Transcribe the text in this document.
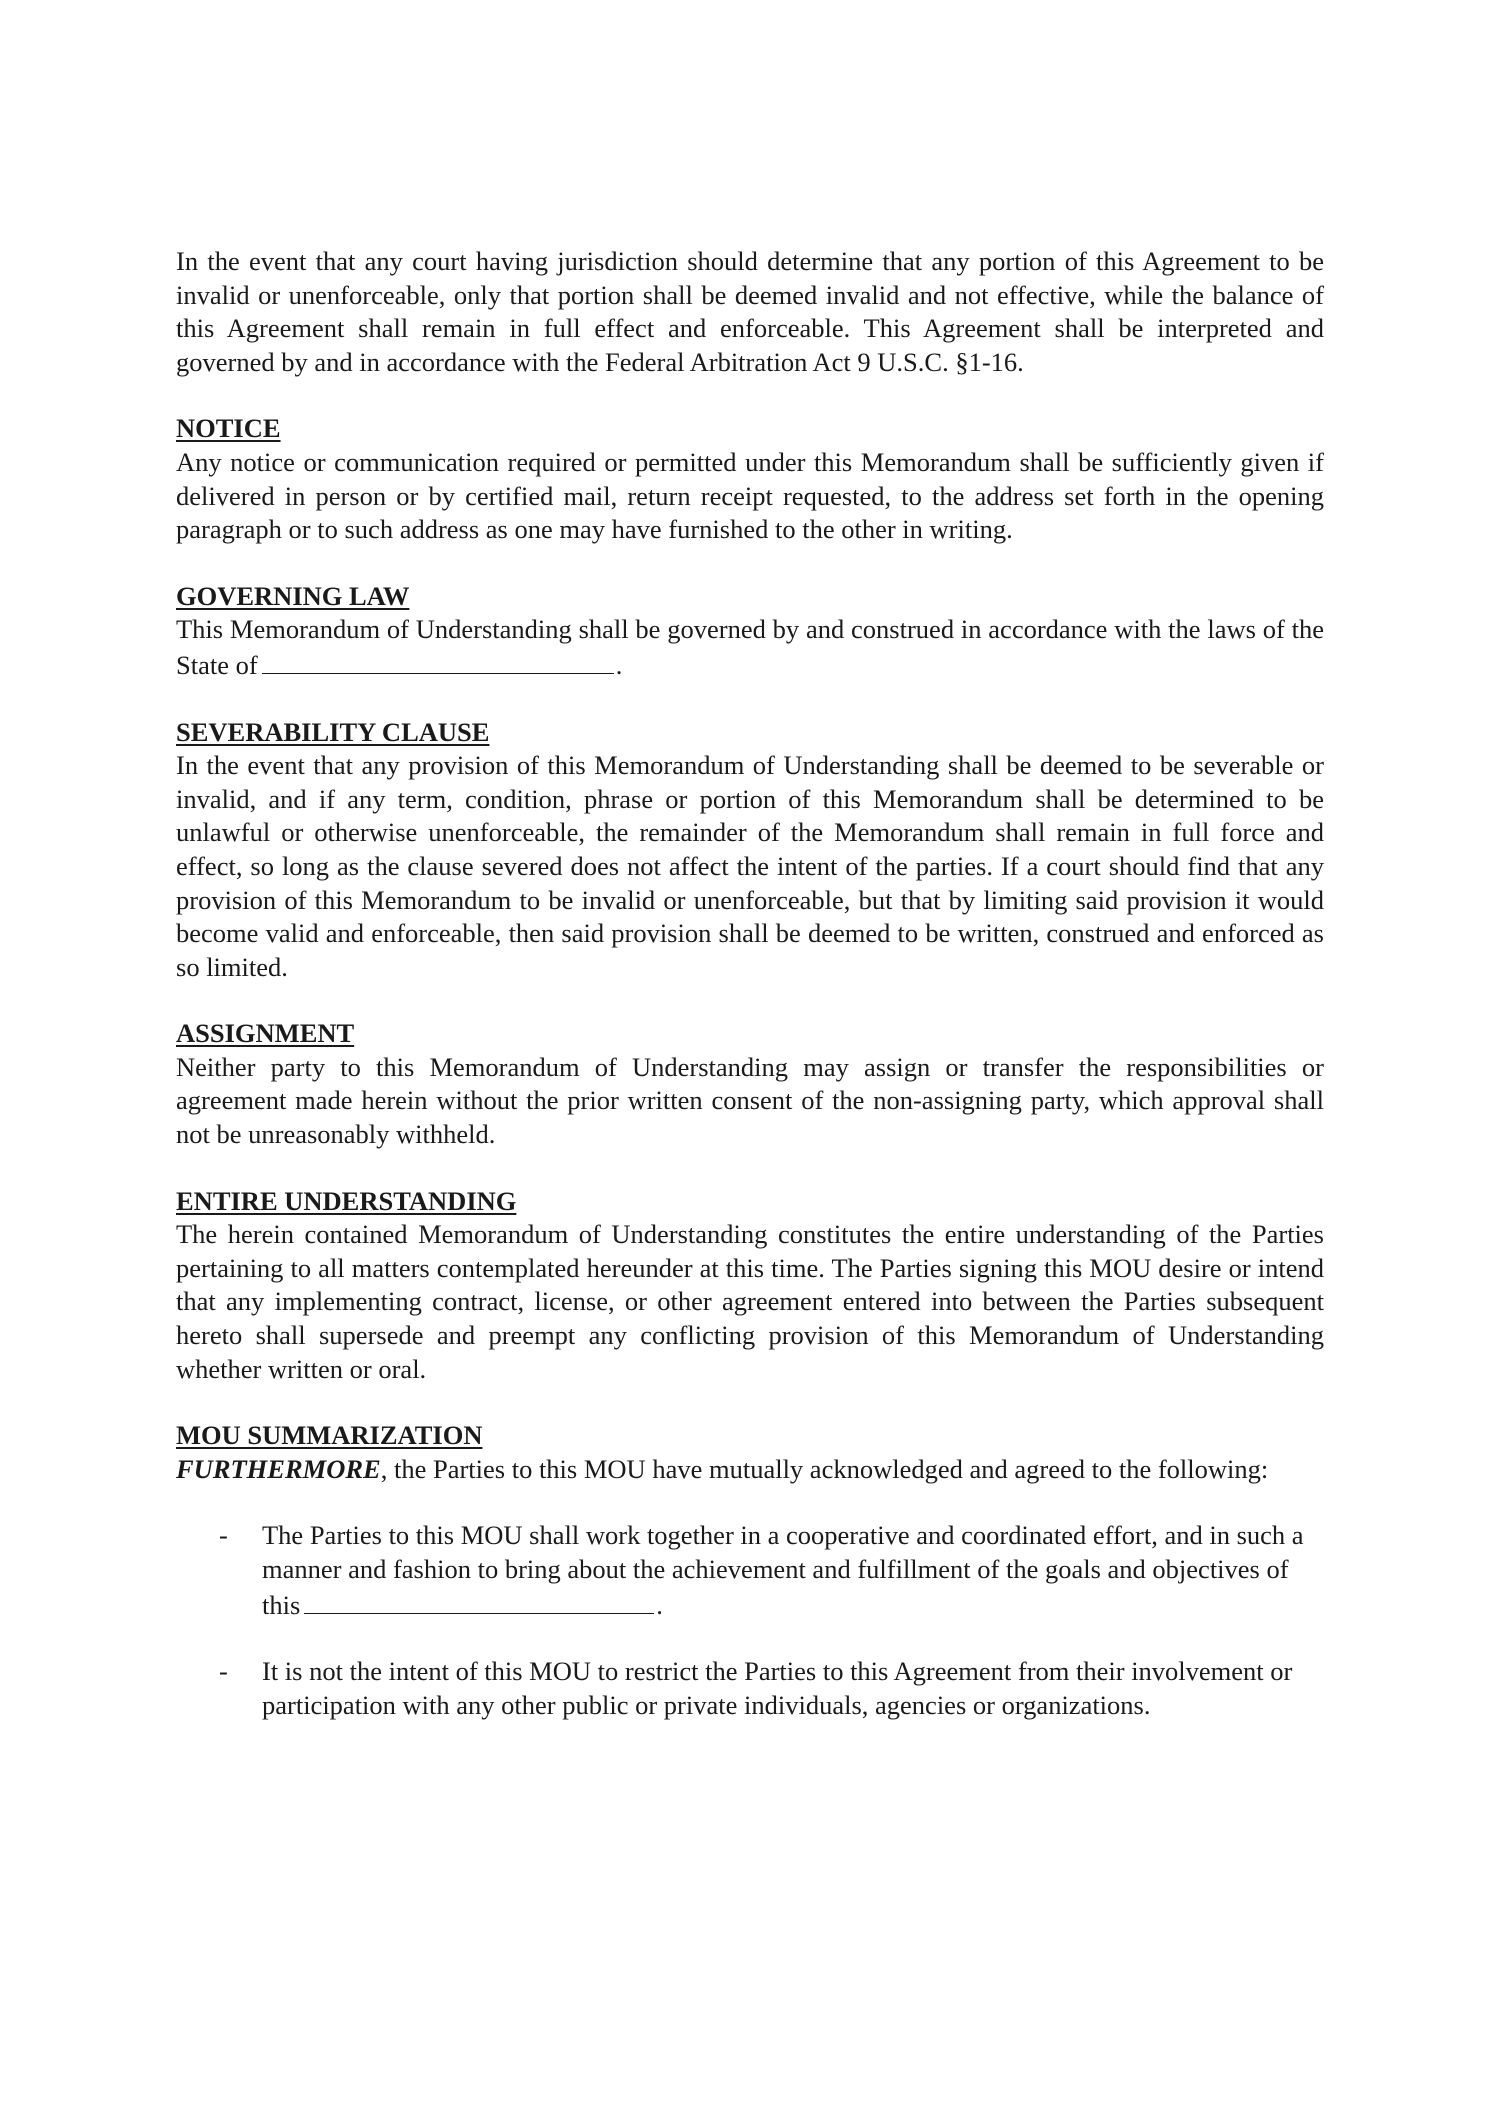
In the event that any court having jurisdiction should determine that any portion of this Agreement to be invalid or unenforceable, only that portion shall be deemed invalid and not effective, while the balance of this Agreement shall remain in full effect and enforceable. This Agreement shall be interpreted and governed by and in accordance with the Federal Arbitration Act 9 U.S.C. §1-16.

NOTICE

Any notice or communication required or permitted under this Memorandum shall be sufficiently given if delivered in person or by certified mail, return receipt requested, to the address set forth in the opening paragraph or to such address as one may have furnished to the other in writing.

GOVERNING LAW

This Memorandum of Understanding shall be governed by and construed in accordance with the laws of the State of	.

SEVERABILITY CLAUSE

In the event that any provision of this Memorandum of Understanding shall be deemed to be severable or invalid, and if any term, condition, phrase or portion of this Memorandum shall be determined to be unlawful or otherwise unenforceable, the remainder of the Memorandum shall remain in full force and effect, so long as the clause severed does not affect the intent of the parties. If a court should find that any provision of this Memorandum to be invalid or unenforceable, but that by limiting said provision it would become valid and enforceable, then said provision shall be deemed to be written, construed and enforced as so limited.

ASSIGNMENT

Neither party to this Memorandum of Understanding may assign or transfer the responsibilities or agreement made herein without the prior written consent of the non-assigning party, which approval shall not be unreasonably withheld.

ENTIRE UNDERSTANDING

The herein contained Memorandum of Understanding constitutes the entire understanding of the Parties pertaining to all matters contemplated hereunder at this time. The Parties signing this MOU desire or intend that any implementing contract, license, or other agreement entered into between the Parties subsequent hereto shall supersede and preempt any conflicting provision of this Memorandum of Understanding whether written or oral.

MOU SUMMARIZATION

FURTHERMORE, the Parties to this MOU have mutually acknowledged and agreed to the following:

- The Parties to this MOU shall work together in a cooperative and coordinated effort, and in such a manner and fashion to bring about the achievement and fulfillment of the goals and objectives of this	.
- It is not the intent of this MOU to restrict the Parties to this Agreement from their involvement or participation with any other public or private individuals, agencies or organizations.
